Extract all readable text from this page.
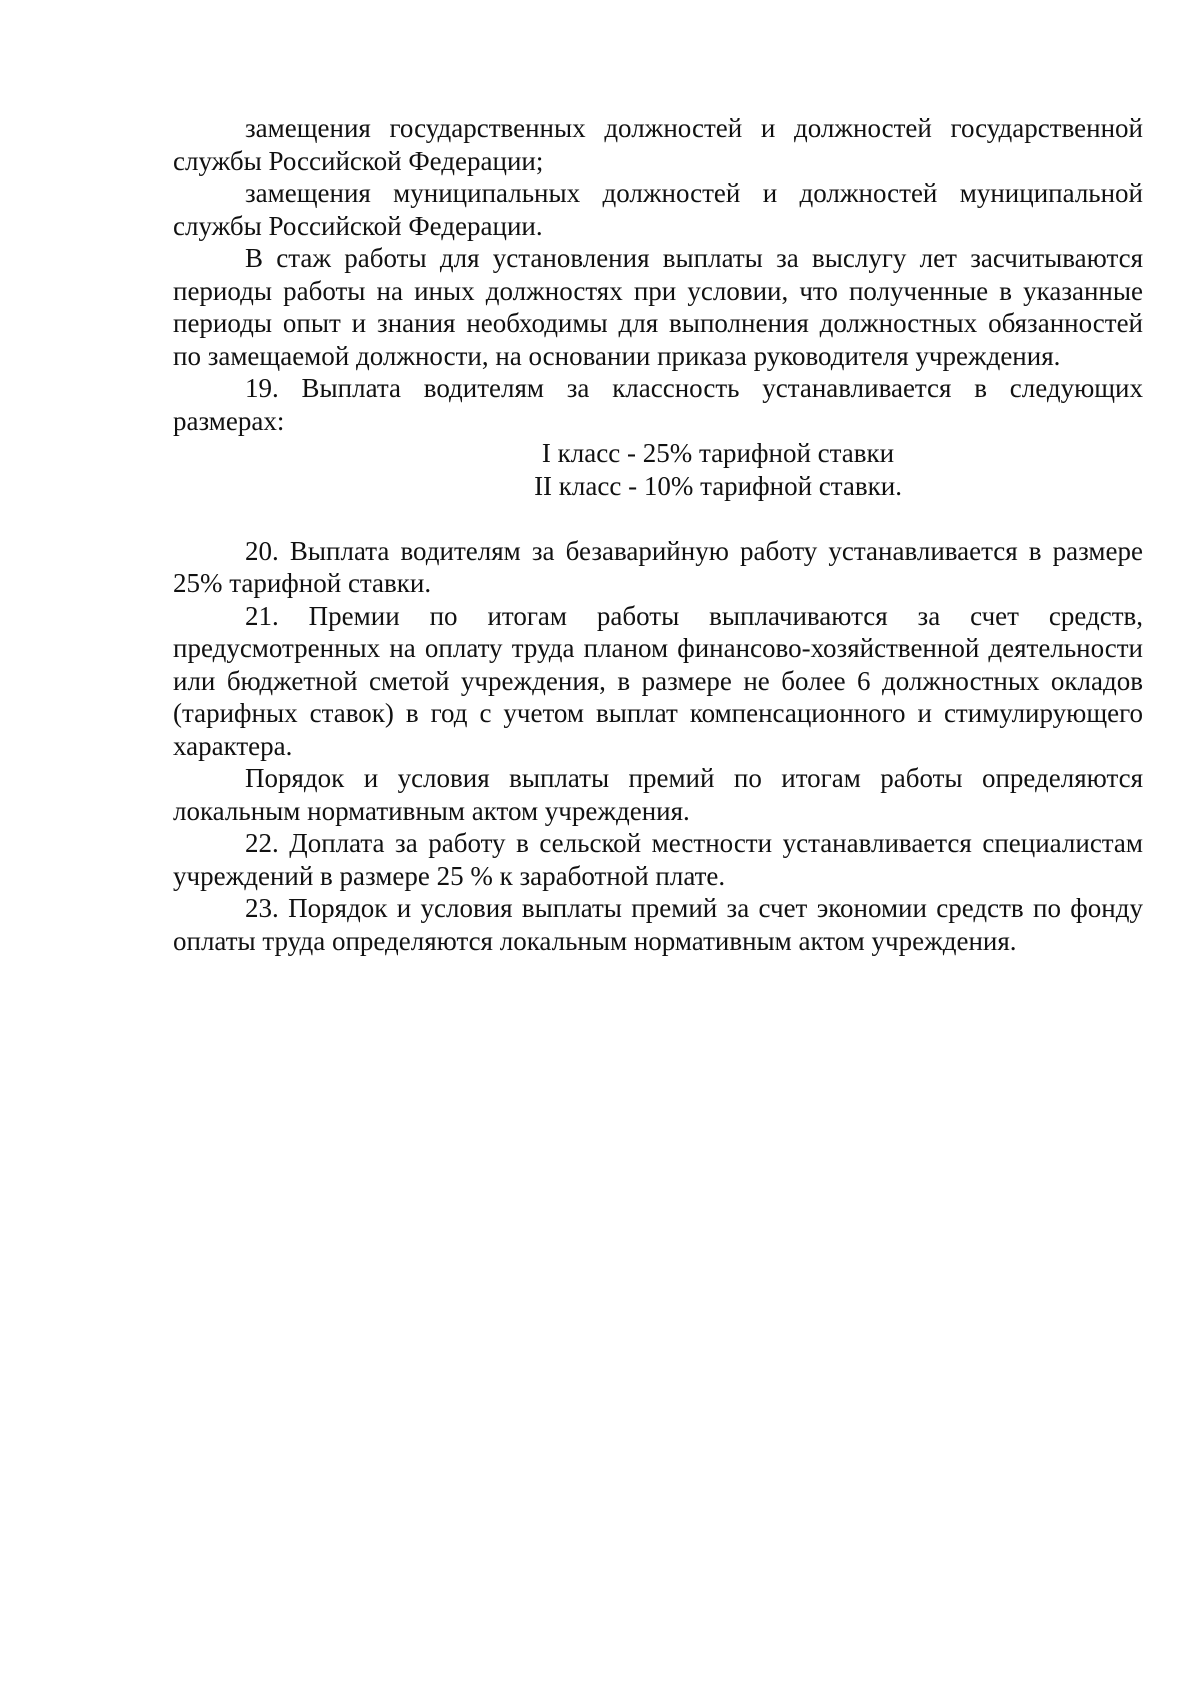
замещения государственных должностей и должностей государственной службы Российской Федерации;

замещения муниципальных должностей и должностей муниципальной службы Российской Федерации.

В стаж работы для установления выплаты за выслугу лет засчитываются периоды работы на иных должностях при условии, что полученные в указанные периоды опыт и знания необходимы для выполнения должностных обязанностей по замещаемой должности, на основании приказа руководителя учреждения.

19. Выплата водителям за классность устанавливается в следующих размерах:

I класс - 25% тарифной ставки

II класс - 10% тарифной ставки.

20. Выплата водителям за безаварийную работу устанавливается в размере 25% тарифной ставки.

21. Премии по итогам работы выплачиваются за счет средств, предусмотренных на оплату труда планом финансово-хозяйственной деятельности или бюджетной сметой учреждения, в размере не более 6 должностных окладов (тарифных ставок) в год с учетом выплат компенсационного и стимулирующего характера.

Порядок и условия выплаты премий по итогам работы определяются локальным нормативным актом учреждения.

22. Доплата за работу в сельской местности устанавливается специалистам учреждений в размере 25 % к заработной плате.

23. Порядок и условия выплаты премий за счет экономии средств по фонду оплаты труда определяются локальным нормативным актом учреждения.
